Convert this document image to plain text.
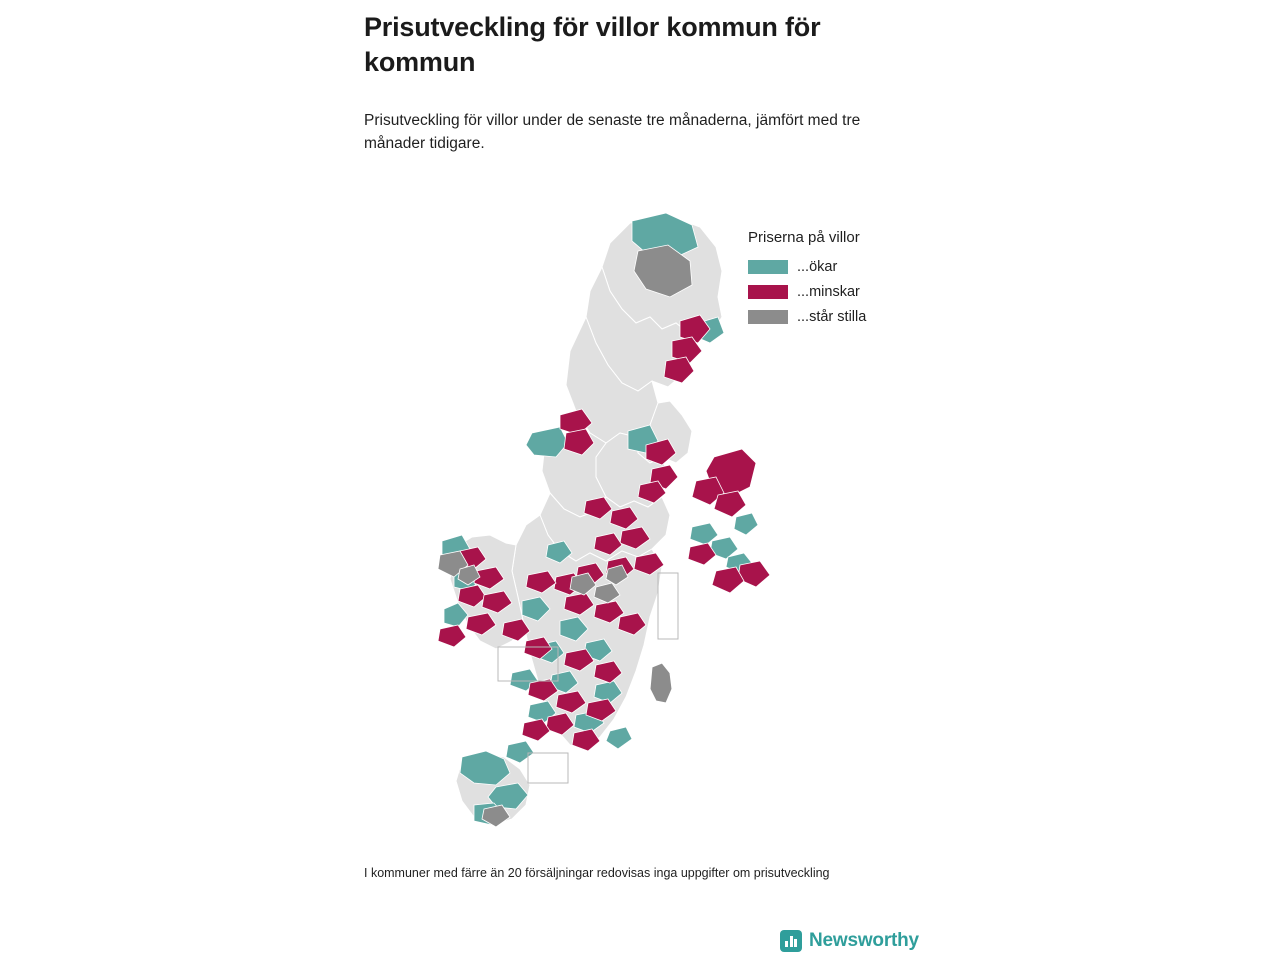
Prisutveckling för villor kommun för kommun
Prisutveckling för villor under de senaste tre månaderna, jämfört med tre månader tidigare.
Priserna på villor
...ökar
...minskar
...står stilla
I kommuner med färre än 20 försäljningar redovisas inga uppgifter om prisutveckling
Newsworthy
